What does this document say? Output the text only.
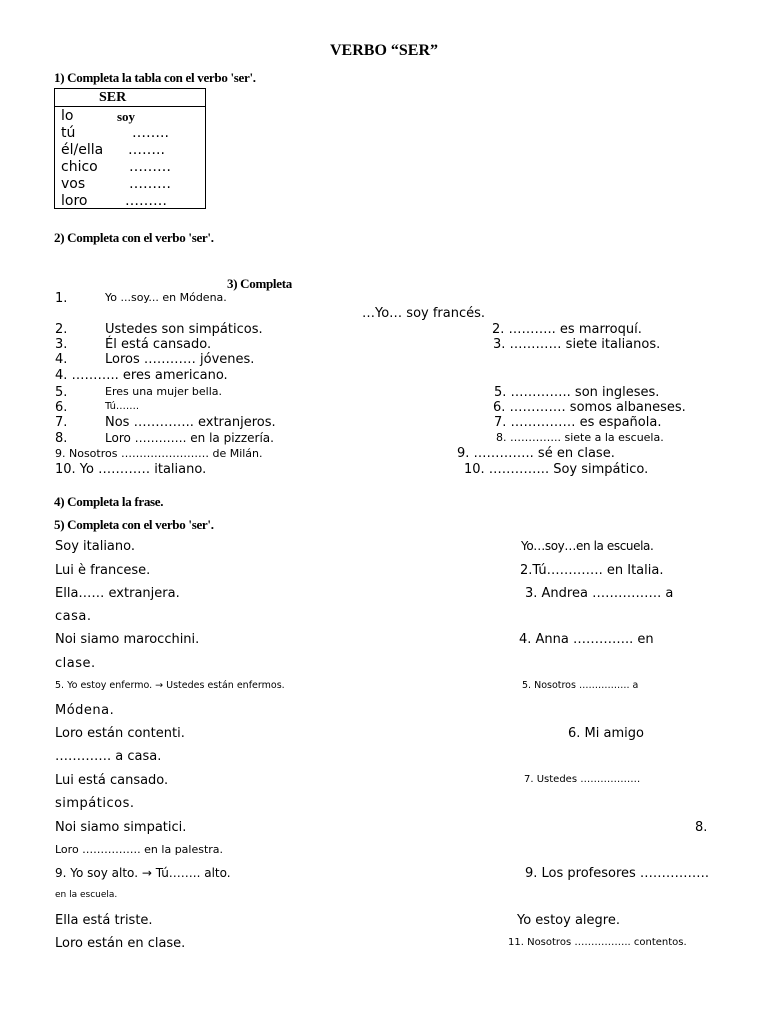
VERBO “SER”
1) Completa la tabla con el verbo 'ser'.
SER
lo	soy
tú	……..
él/ella ……..
chico ………
vos	………
loro	………
2) Completa con el verbo 'ser'.
3) Completa
1.	Yo ...soy... en Módena.
…Yo… soy francés.
2.	Ustedes son simpáticos.	2. ……….. es marroquí.
3.	Él está cansado.	3. ………… siete italianos.
4.	Loros ………… jóvenes.
4. ……….. eres americano.
5.	Eres una mujer bella.	5. ………….. son ingleses.
6.	Tú…….	6. …………. somos albaneses.
7.	Nos ………….. extranjeros.	7. …………… es española.
8.	Loro …………. en la pizzería.	8. ………….. siete a la escuela.
9. Nosotros …………………… de Milán.	9. ………….. sé en clase.
10. Yo ………… italiano.	10. ………….. Soy simpático.
4) Completa la frase.
5) Completa con el verbo 'ser'.
Soy italiano.	Yo…soy…en la escuela.
Lui è francese.	2.Tú…………. en Italia.
Ella…… extranjera.	3. Andrea ……………. a
casa.
Noi siamo marocchini.	4. Anna ………….. en
clase.
5. Yo estoy enfermo. → Ustedes están enfermos.	5. Nosotros ……………. a
Módena.
Loro están contenti.	6. Mi amigo
…………. a casa.
Lui está cansado.	7. Ustedes ………………
simpáticos.
Noi siamo simpatici.	8.
Loro ……………. en la palestra.
9. Yo soy alto. → Tú…….. alto.	9. Los profesores …………….
en la escuela.
Ella está triste.	Yo estoy alegre.
Loro están en clase.	11. Nosotros …………….. contentos.
